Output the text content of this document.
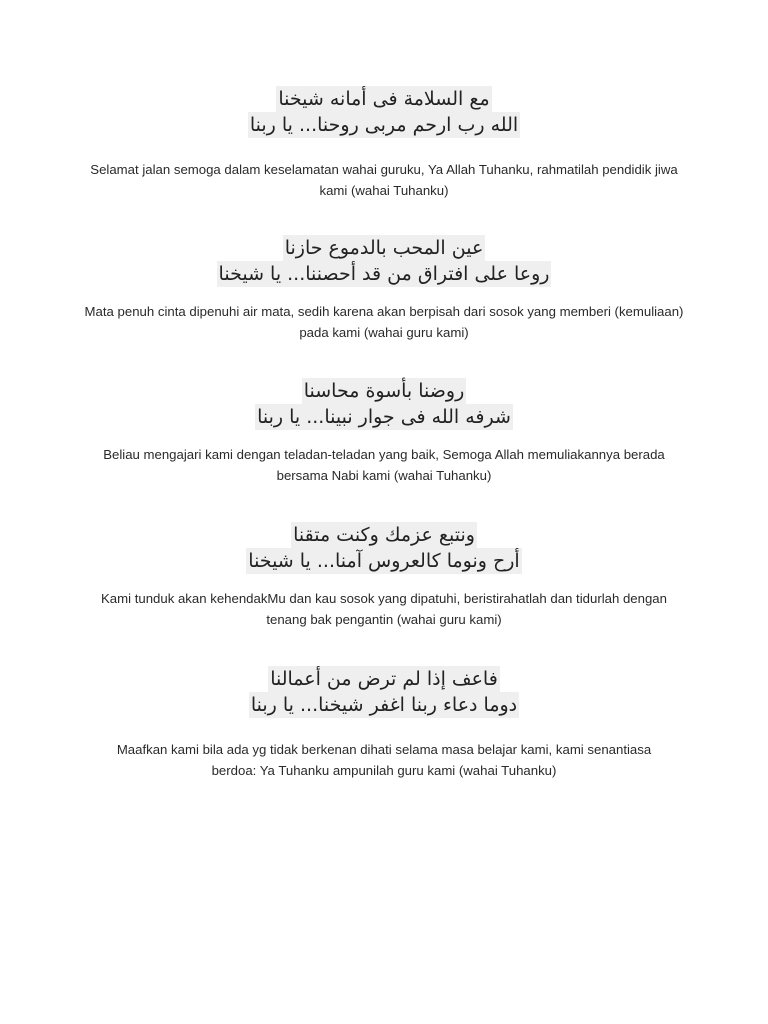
مع السلامة فى أمانه شيخنا
الله رب ارحم مربى روحنا... يا ربنا

Selamat jalan semoga dalam keselamatan wahai guruku, Ya Allah Tuhanku, rahmatilah pendidik jiwa kami (wahai Tuhanku)

عين المحب بالدموع حازنا
روعا على افتراق من قد أحصننا... يا شيخنا

Mata penuh cinta dipenuhi air mata, sedih karena akan berpisah dari sosok yang memberi (kemuliaan) pada kami (wahai guru kami)

روضنا بأسوة محاسنا
شرفه الله فى جوار نبينا... يا ربنا

Beliau mengajari kami dengan teladan-teladan yang baik, Semoga Allah memuliakannya berada bersama Nabi kami (wahai Tuhanku)

ونتبع عزمك وكنت متقنا
أرح ونوما كالعروس آمنا... يا شيخنا

Kami tunduk akan kehendakMu dan kau sosok yang dipatuhi, beristirahatlah dan tidurlah dengan tenang bak pengantin (wahai guru kami)

فاعف إذا لم ترض من أعمالنا
دوما دعاء ربنا اغفر شيخنا... يا ربنا

Maafkan kami bila ada yg tidak berkenan dihati selama masa belajar kami, kami senantiasa berdoa: Ya Tuhanku ampunilah guru kami (wahai Tuhanku)
